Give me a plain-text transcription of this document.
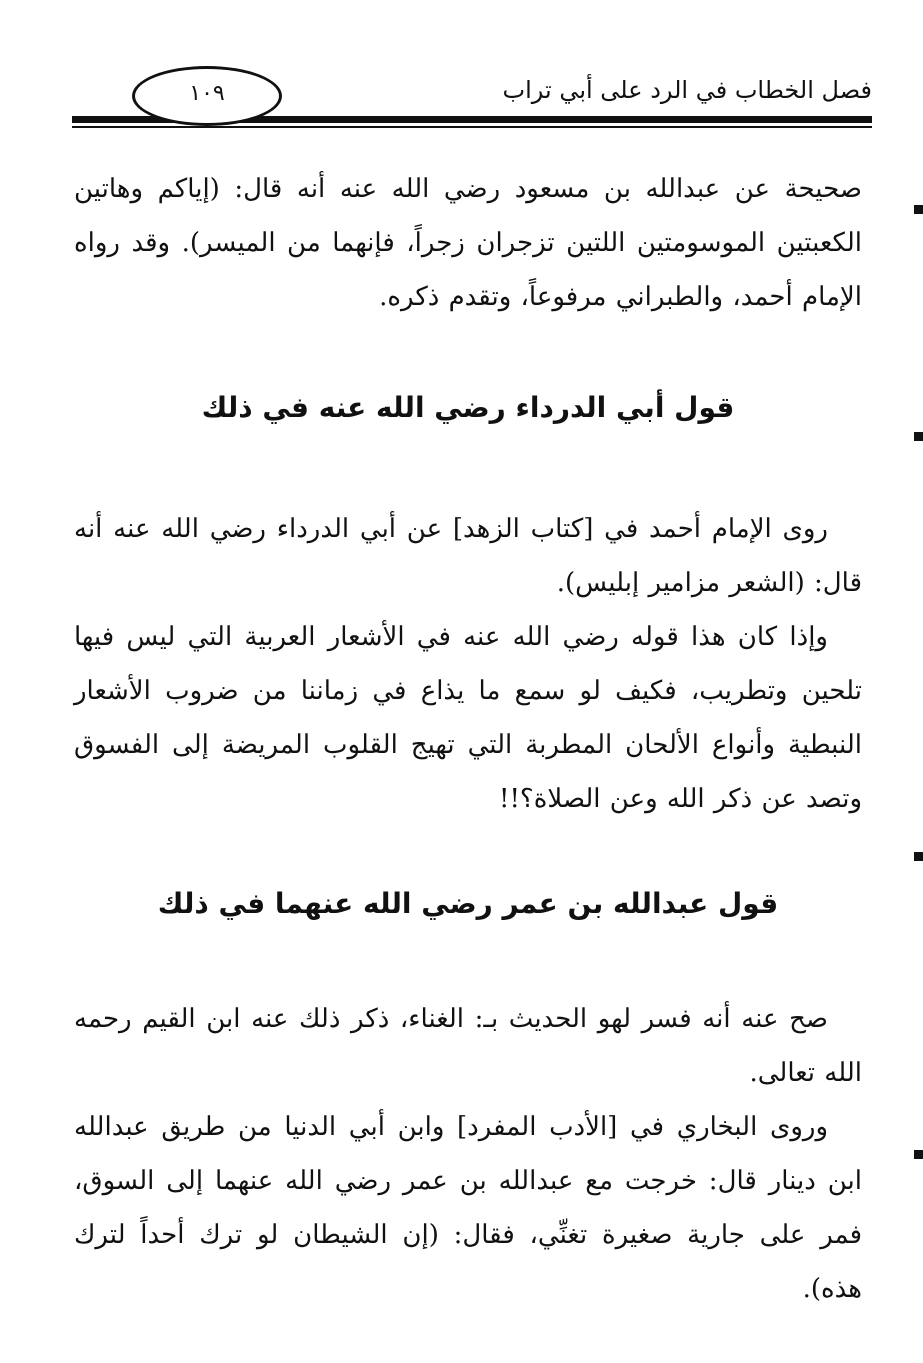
فصل الخطاب في الرد على أبي تراب
١٠٩

صحيحة عن عبدالله بن مسعود رضي الله عنه أنه قال: (إياكم وهاتين الكعبتين الموسومتين اللتين تزجران زجراً، فإنهما من الميسر). وقد رواه الإمام أحمد، والطبراني مرفوعاً، وتقدم ذكره.

قول أبي الدرداء رضي الله عنه في ذلك

روى الإمام أحمد في [كتاب الزهد] عن أبي الدرداء رضي الله عنه أنه قال: (الشعر مزامير إبليس).

وإذا كان هذا قوله رضي الله عنه في الأشعار العربية التي ليس فيها تلحين وتطريب، فكيف لو سمع ما يذاع في زماننا من ضروب الأشعار النبطية وأنواع الألحان المطربة التي تهيج القلوب المريضة إلى الفسوق وتصد عن ذكر الله وعن الصلاة؟!!

قول عبدالله بن عمر رضي الله عنهما في ذلك

صح عنه أنه فسر لهو الحديث بـ: الغناء، ذكر ذلك عنه ابن القيم رحمه الله تعالى.

وروى البخاري في [الأدب المفرد] وابن أبي الدنيا من طريق عبدالله ابن دينار قال: خرجت مع عبدالله بن عمر رضي الله عنهما إلى السوق، فمر على جارية صغيرة تغنِّي، فقال: (إن الشيطان لو ترك أحداً لترك هذه).
